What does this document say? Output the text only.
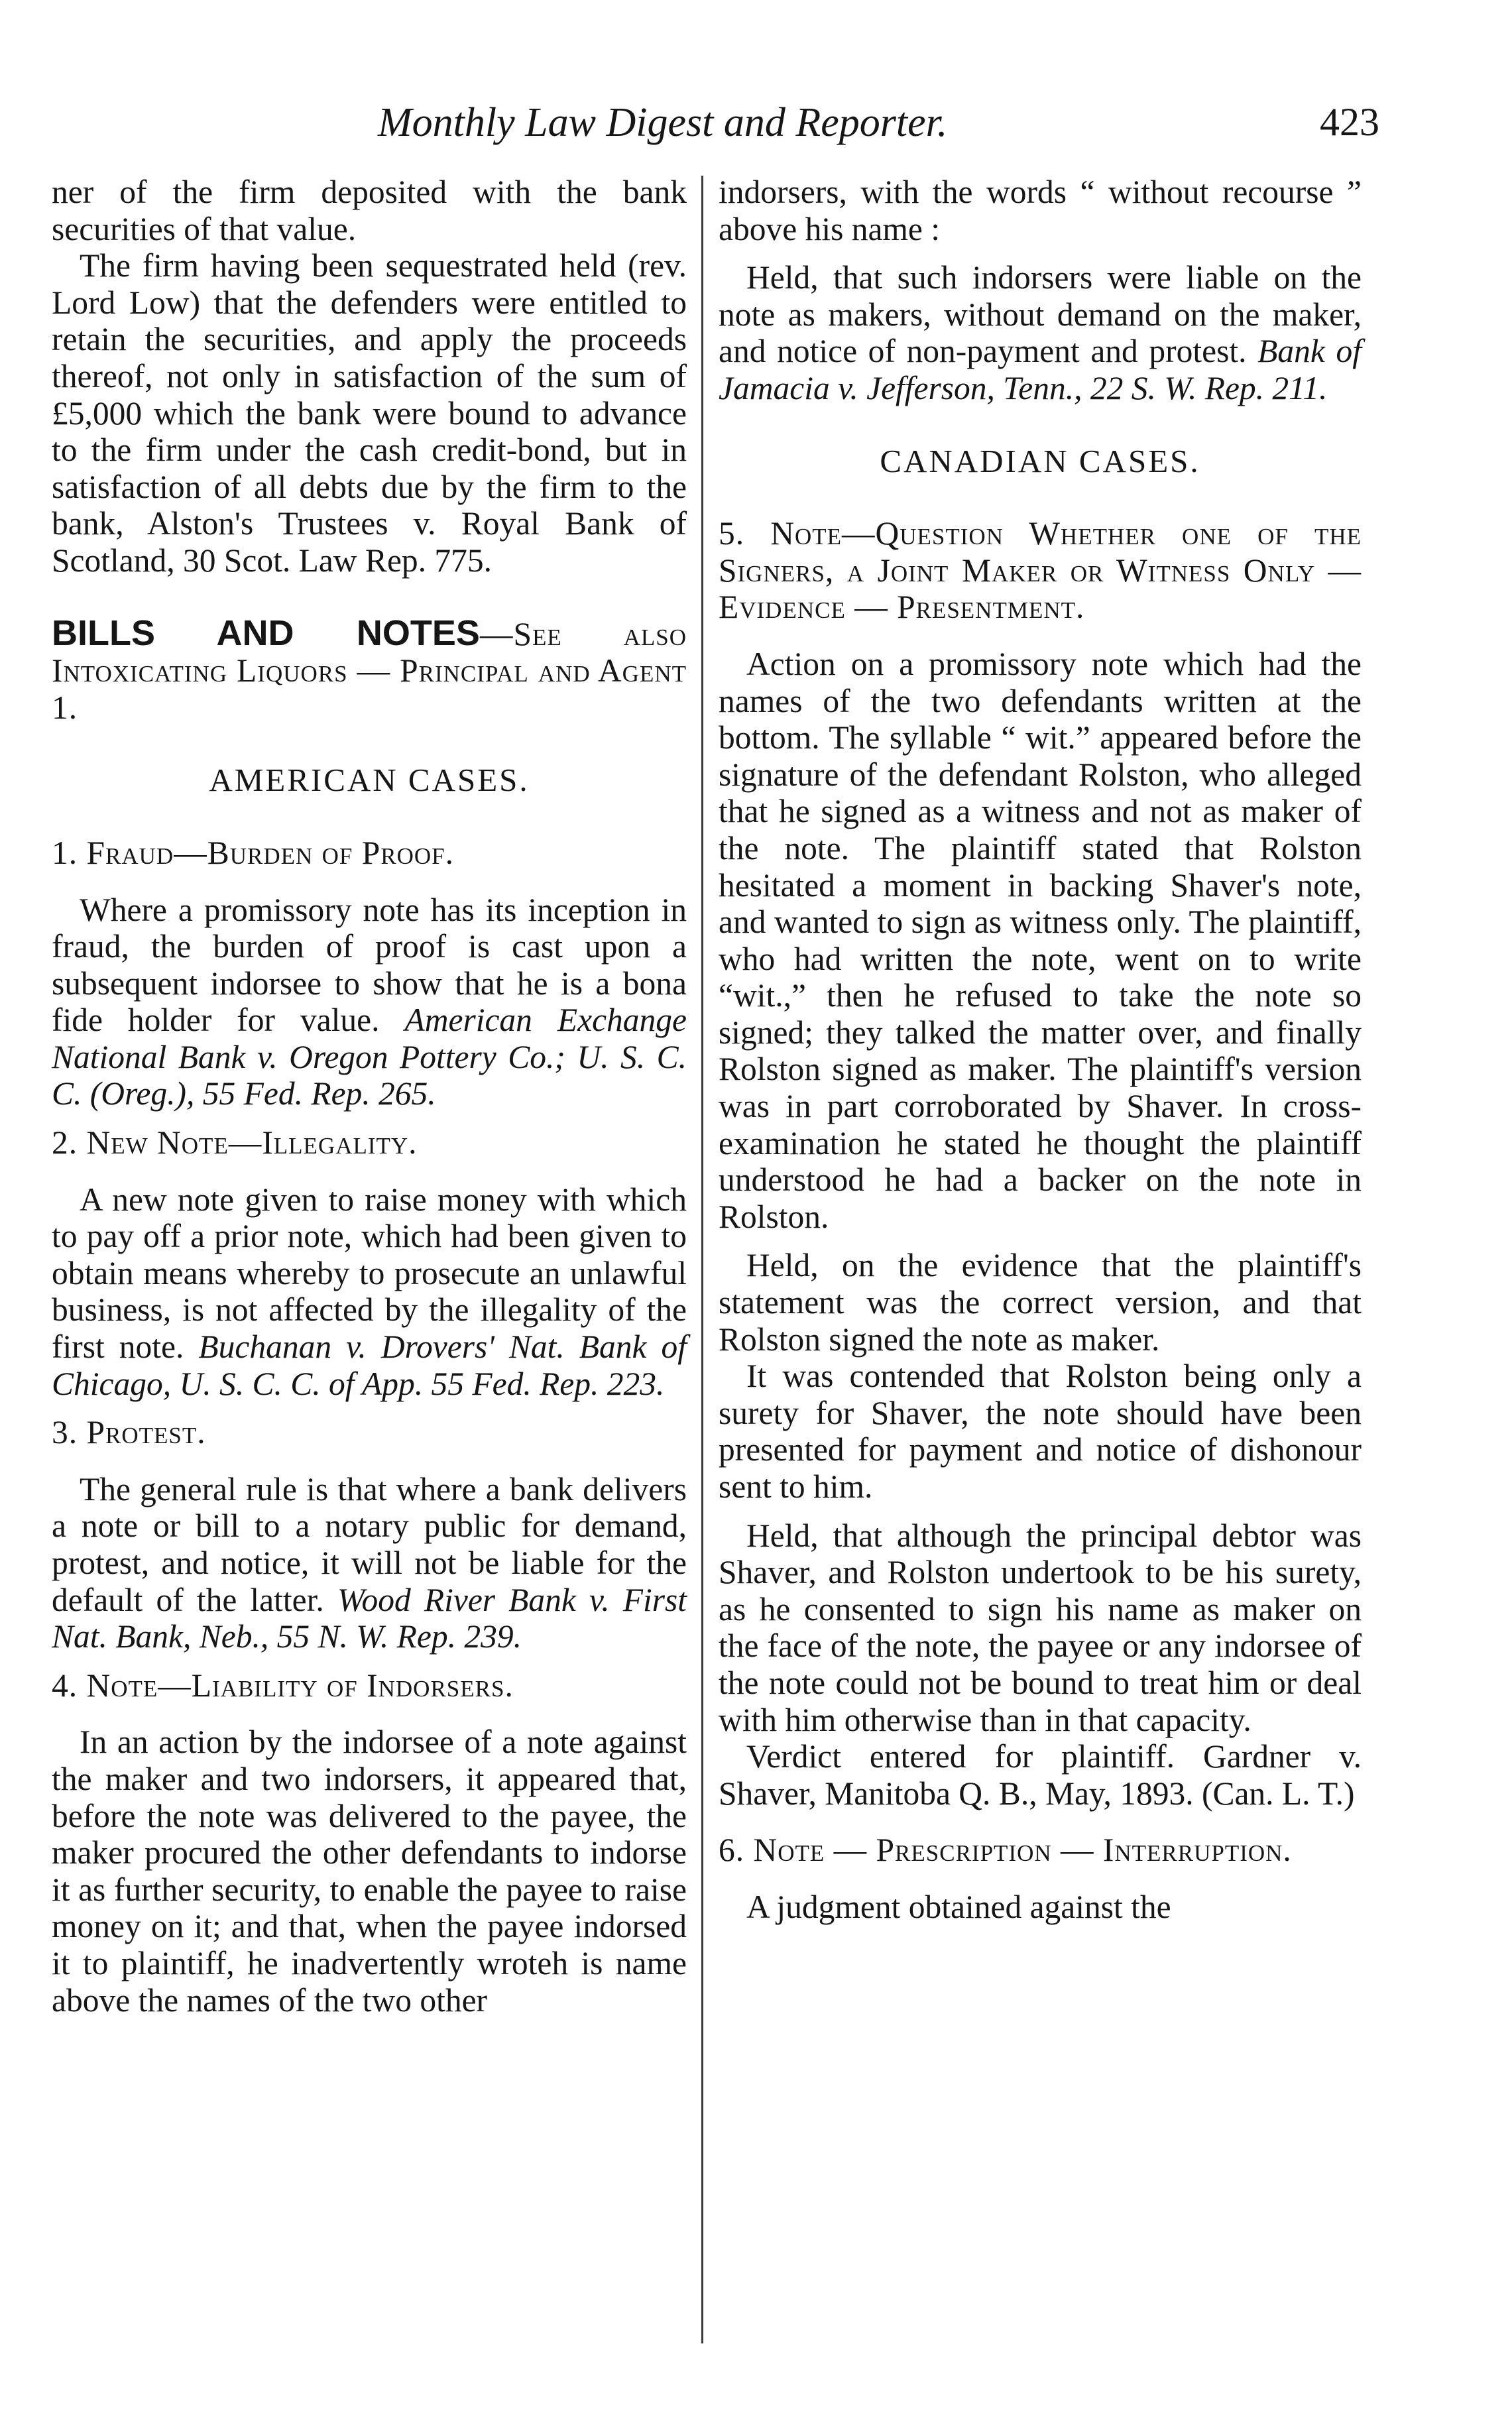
Monthly Law Digest and Reporter.	423

ner of the firm deposited with the bank securities of that value.

The firm having been sequestrated held (rev. Lord Low) that the defenders were entitled to retain the securities, and apply the proceeds thereof, not only in satisfaction of the sum of £5,000 which the bank were bound to advance to the firm under the cash credit-bond, but in satisfaction of all debts due by the firm to the bank, Alston's Trustees v. Royal Bank of Scotland, 30 Scot. Law Rep. 775.

BILLS AND NOTES—See also Intoxicating Liquors — Principal and Agent 1.

AMERICAN CASES.

1. Fraud—Burden of Proof.

Where a promissory note has its inception in fraud, the burden of proof is cast upon a subsequent indorsee to show that he is a bona fide holder for value. American Exchange National Bank v. Oregon Pottery Co.; U. S. C. C. (Oreg.), 55 Fed. Rep. 265.

2. New Note—Illegality.

A new note given to raise money with which to pay off a prior note, which had been given to obtain means whereby to prosecute an unlawful business, is not affected by the illegality of the first note. Buchanan v. Drovers' Nat. Bank of Chicago, U. S. C. C. of App. 55 Fed. Rep. 223.

3. Protest.

The general rule is that where a bank delivers a note or bill to a notary public for demand, protest, and notice, it will not be liable for the default of the latter. Wood River Bank v. First Nat. Bank, Neb., 55 N. W. Rep. 239.

4. Note—Liability of Indorsers.

In an action by the indorsee of a note against the maker and two indorsers, it appeared that, before the note was delivered to the payee, the maker procured the other defendants to indorse it as further security, to enable the payee to raise money on it; and that, when the payee indorsed it to plaintiff, he inadvertently wroteh is name above the names of the two other

indorsers, with the words “ without recourse ” above his name :

Held, that such indorsers were liable on the note as makers, without demand on the maker, and notice of non-payment and protest. Bank of Jamacia v. Jefferson, Tenn., 22 S. W. Rep. 211.

CANADIAN CASES.

5. Note—Question Whether one of the Signers, a Joint Maker or Witness Only — Evidence — Presentment.

Action on a promissory note which had the names of the two defendants written at the bottom. The syllable “ wit.” appeared before the signature of the defendant Rolston, who alleged that he signed as a witness and not as maker of the note. The plaintiff stated that Rolston hesitated a moment in backing Shaver's note, and wanted to sign as witness only. The plaintiff, who had written the note, went on to write “wit.,” then he refused to take the note so signed; they talked the matter over, and finally Rolston signed as maker. The plaintiff's version was in part corroborated by Shaver. In cross-examination he stated he thought the plaintiff understood he had a backer on the note in Rolston.

Held, on the evidence that the plaintiff's statement was the correct version, and that Rolston signed the note as maker.

It was contended that Rolston being only a surety for Shaver, the note should have been presented for payment and notice of dishonour sent to him.

Held, that although the principal debtor was Shaver, and Rolston undertook to be his surety, as he consented to sign his name as maker on the face of the note, the payee or any indorsee of the note could not be bound to treat him or deal with him otherwise than in that capacity.

Verdict entered for plaintiff. Gardner v. Shaver, Manitoba Q. B., May, 1893. (Can. L. T.)

6. Note — Prescription — Interruption.

A judgment obtained against the
